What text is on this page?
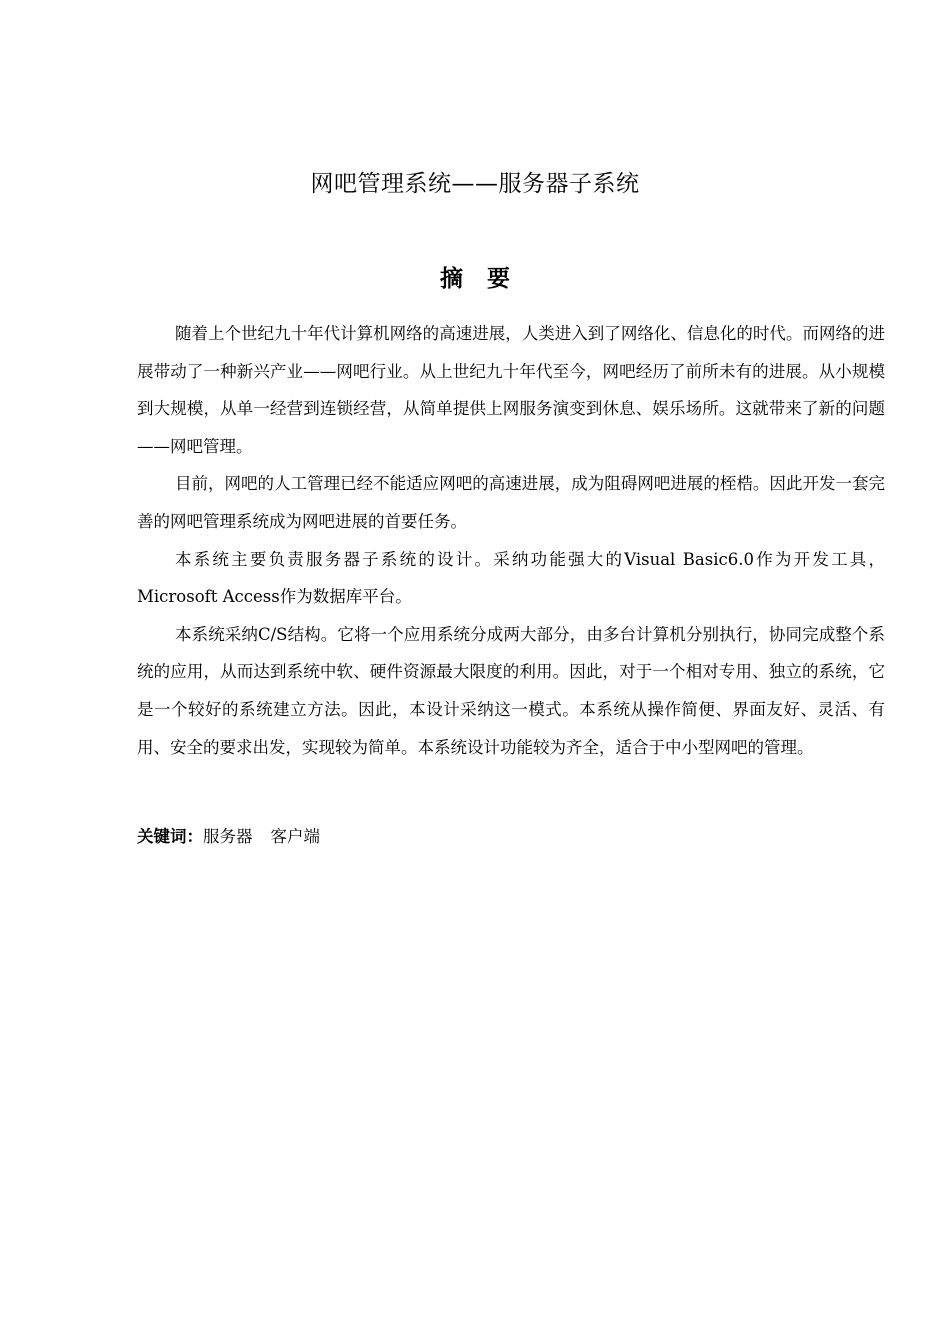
网吧管理系统——服务器子系统
摘要

随着上个世纪九十年代计算机网络的高速进展，人类进入到了网络化、信息化的时代。而网络的进展带动了一种新兴产业——网吧行业。从上世纪九十年代至今，网吧经历了前所未有的进展。从小规模到大规模，从单一经营到连锁经营，从简单提供上网服务演变到休息、娱乐场所。这就带来了新的问题——网吧管理。

目前，网吧的人工管理已经不能适应网吧的高速进展，成为阻碍网吧进展的桎梏。因此开发一套完善的网吧管理系统成为网吧进展的首要任务。

本系统主要负责服务器子系统的设计。采纳功能强大的Visual Basic6.0作为开发工具，Microsoft Access作为数据库平台。

本系统采纳C/S结构。它将一个应用系统分成两大部分，由多台计算机分别执行，协同完成整个系统的应用，从而达到系统中软、硬件资源最大限度的利用。因此，对于一个相对专用、独立的系统，它是一个较好的系统建立方法。因此，本设计采纳这一模式。本系统从操作简便、界面友好、灵活、有用、安全的要求出发，实现较为简单。本系统设计功能较为齐全，适合于中小型网吧的管理。

关键词：服务器 客户端
